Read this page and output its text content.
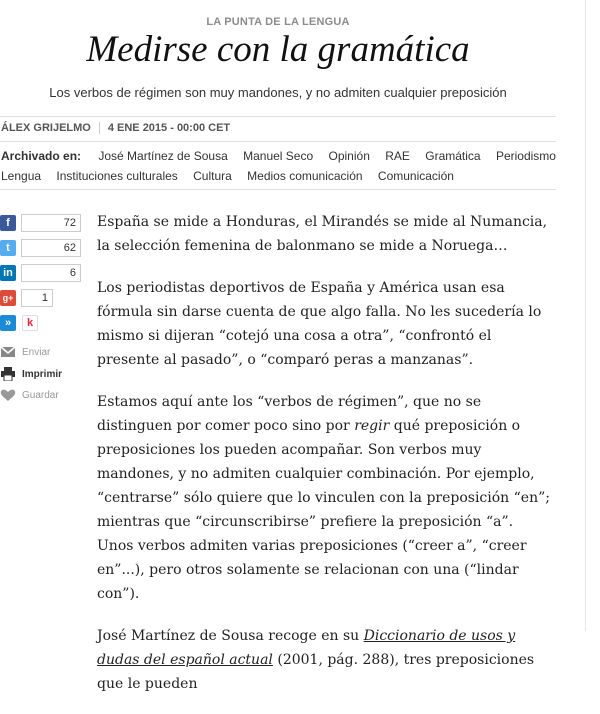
LA PUNTA DE LA LENGUA
Medirse con la gramática
Los verbos de régimen son muy mandones, y no admiten cualquier preposición
ÁLEX GRIJELMO 4 ENE 2015 - 00:00 CET
Archivado en: José Martínez de Sousa Manuel Seco Opinión RAE Gramática Periodismo
Lengua Instituciones culturales Cultura Medios comunicación Comunicación
f	72
t	62
in	6
g+	1
»	k
Enviar
Imprimir
Guardar

España se mide a Honduras, el Mirandés se mide al Numancia, la selección femenina de balonmano se mide a Noruega…

Los periodistas deportivos de España y América usan esa fórmula sin darse cuenta de que algo falla. No les sucedería lo mismo si dijeran “cotejó una cosa a otra”, “confrontó el presente al pasado”, o “comparó peras a manzanas”.

Estamos aquí ante los “verbos de régimen”, que no se distinguen por comer poco sino por regir qué preposición o preposiciones los pueden acompañar. Son verbos muy mandones, y no admiten cualquier combinación. Por ejemplo, “centrarse” sólo quiere que lo vinculen con la preposición “en”; mientras que “circunscribirse” prefiere la preposición “a”. Unos verbos admiten varias preposiciones (“creer a”, “creer en”...), pero otros solamente se relacionan con una (“lindar con”).

José Martínez de Sousa recoge en su Diccionario de usos y dudas del español actual (2001, pág. 288), tres preposiciones que le pueden
